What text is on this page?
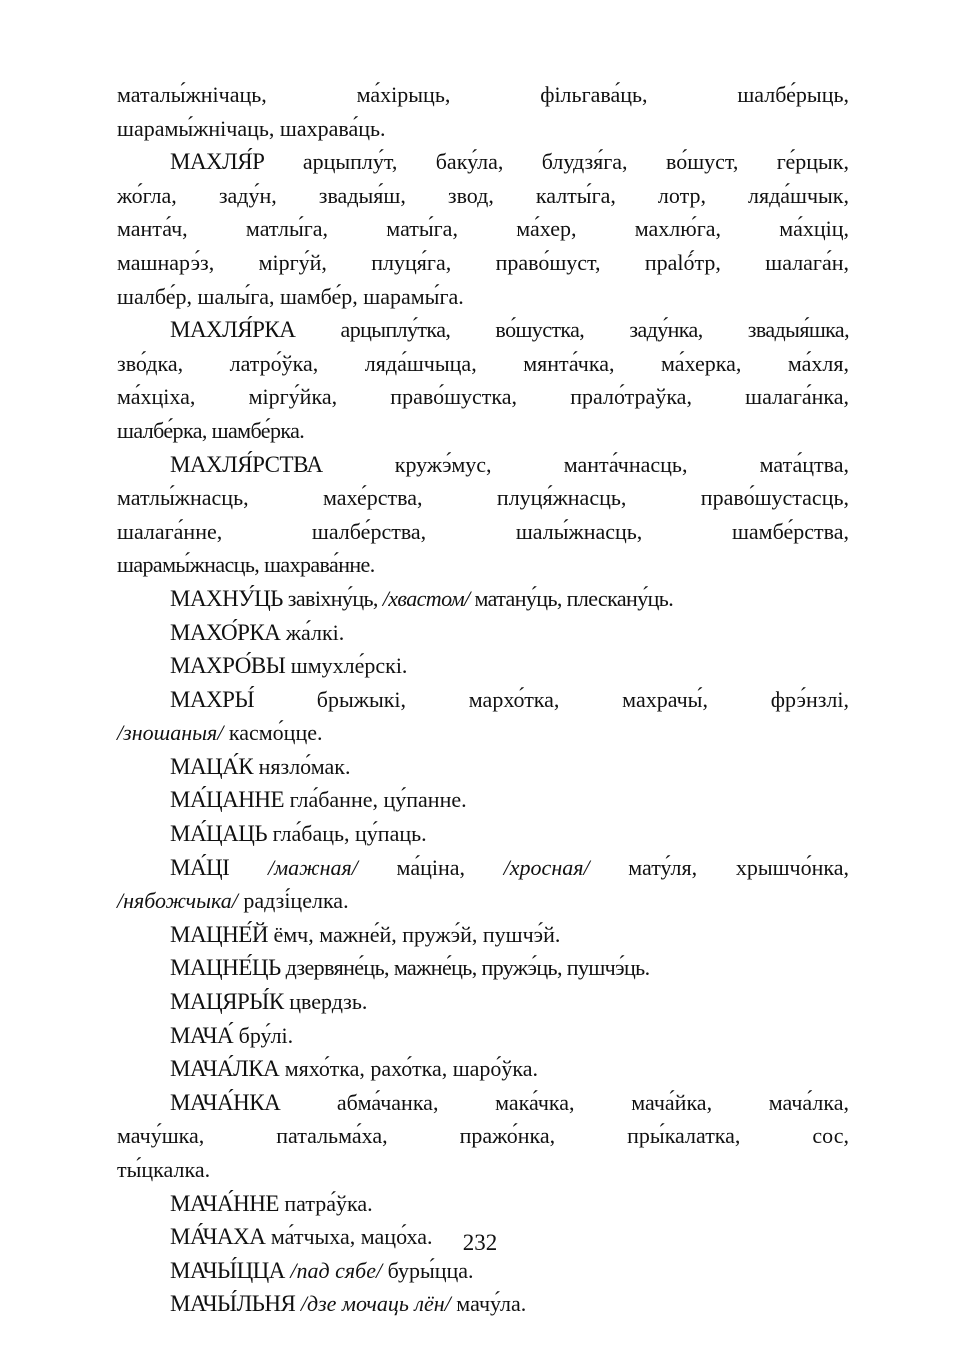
маталы́жнічаць, ма́хірыць, фільгава́ць, шалбе́рыць,
шарамы́жнічаць, шахрава́ць.
МАХЛЯ́Р арцыплу́т, баку́ла, блудзя́га, во́шуст, ге́рцык,
жо́гла, заду́н, звадыя́ш, звод, калты́га, лотр, ляда́шчык,
манта́ч, матлы́га, маты́га, ма́хер, махлю́га, ма́хціц,
машнарэ́з, міргу́й, плуця́га, право́шуст, праló́тр, шалага́н,
шалбе́р, шалы́га, шамбе́р, шарамы́га.
МАХЛЯ́РКА арцыплу́тка, во́шустка, заду́нка, звадыя́шка,
зво́дка, латро́ўка, ляда́шчыца, мянта́чка, ма́херка, ма́хля,
ма́хціха, міргу́йка, право́шустка, прало́траўка, шалага́нка,
шалбе́рка, шамбе́рка.
МАХЛЯ́РСТВА	кружэ́мус, манта́чнасць, мата́цтва,
матлы́жнасць, махе́рства, плуця́жнасць, право́шустасць,
шалага́нне, шалбе́рства, шалы́жнасць, шамбе́рства,
шарамы́жнасць, шахрава́нне.
МАХНУ́ЦЬ завіхну́ць, /хвастом/ матану́ць, плескану́ць.
МАХО́РКА жа́лкі.
МАХРО́ВЫ шмухле́рскі.
МАХРЫ́	брыжыкі, мархо́тка, махрачы́, фрэ́нзлі,
/зношаныя/ касмо́цце.
МАЦА́К нязло́мак.
МА́ЦАННЕ гла́банне, цу́панне.
МА́ЦАЦЬ гла́баць, цу́паць.
МА́ЦІ /мажная/ ма́ціна, /хросная/ мату́ля, хрышчо́нка,
/нябожчыка/ радзі́целка.
МАЦНЕ́Й ёмч, мажне́й, пружэ́й, пушчэ́й.
МАЦНЕ́ЦЬ дзервяне́ць, мажне́ць, пружэ́ць, пушчэ́ць.
МАЦЯРЫ́К цвердзь.
МАЧА́ бру́лі.
МАЧА́ЛКА мяхо́тка, рахо́тка, шаро́ўка.
МАЧА́НКА	абма́чанка, мака́чка, мача́йка, мача́лка,
мачу́шка, патальма́ха, пражо́нка, пры́калатка, сос,
ты́цкалка.
МАЧА́ННЕ патра́ўка.
МА́ЧАХА ма́тчыха, мацо́ха.
МАЧЫ́ЦЦА /пад сябе/ буры́цца.
МАЧЫ́ЛЬНЯ /дзе мочаць лён/ мачу́ла.
232
